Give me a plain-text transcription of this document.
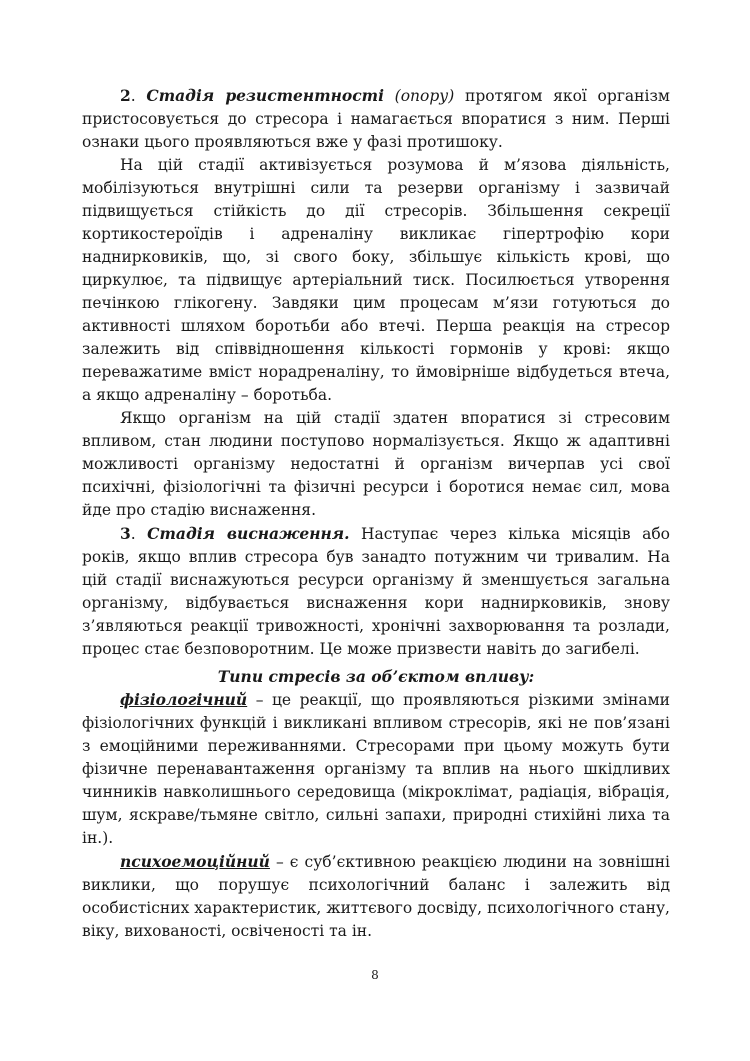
2. Стадія резистентності (опору) протягом якої організм пристосовується до стресора і намагається впоратися з ним. Перші ознаки цього проявляються вже у фазі протишоку.

На цій стадії активізується розумова й м’язова діяльність, мобілізуються внутрішні сили та резерви організму і зазвичай підвищується стійкість до дії стресорів. Збільшення секреції кортикостероїдів і адреналіну викликає гіпертрофію кори наднирковиків, що, зі свого боку, збільшує кількість крові, що циркулює, та підвищує артеріальний тиск. Посилюється утворення печінкою глікогену. Завдяки цим процесам м’язи готуються до активності шляхом боротьби або втечі. Перша реакція на стресор залежить від співвідношення кількості гормонів у крові: якщо переважатиме вміст норадреналіну, то ймовірніше відбудеться втеча, а якщо адреналіну – боротьба.

Якщо організм на цій стадії здатен впоратися зі стресовим впливом, стан людини поступово нормалізується. Якщо ж адаптивні можливості організму недостатні й організм вичерпав усі свої психічні, фізіологічні та фізичні ресурси і боротися немає сил, мова йде про стадію виснаження.

3. Стадія виснаження. Наступає через кілька місяців або років, якщо вплив стресора був занадто потужним чи тривалим. На цій стадії виснажуються ресурси організму й зменшується загальна організму, відбувається виснаження кори наднирковиків, знову з’являються реакції тривожності, хронічні захворювання та розлади, процес стає безповоротним. Це може призвести навіть до загибелі.

Типи стресів за об’єктом впливу:

фізіологічний – це реакції, що проявляються різкими змінами фізіологічних функцій і викликані впливом стресорів, які не пов’язані з емоційними переживаннями. Стресорами при цьому можуть бути фізичне перенавантаження організму та вплив на нього шкідливих чинників навколишнього середовища (мікроклімат, радіація, вібрація, шум, яскраве/тьмяне світло, сильні запахи, природні стихійні лиха та ін.).

психоемоційний – є суб’єктивною реакцією людини на зовнішні виклики, що порушує психологічний баланс і залежить від особистісних характеристик, життєвого досвіду, психологічного стану, віку, вихованості, освіченості та ін.

8
